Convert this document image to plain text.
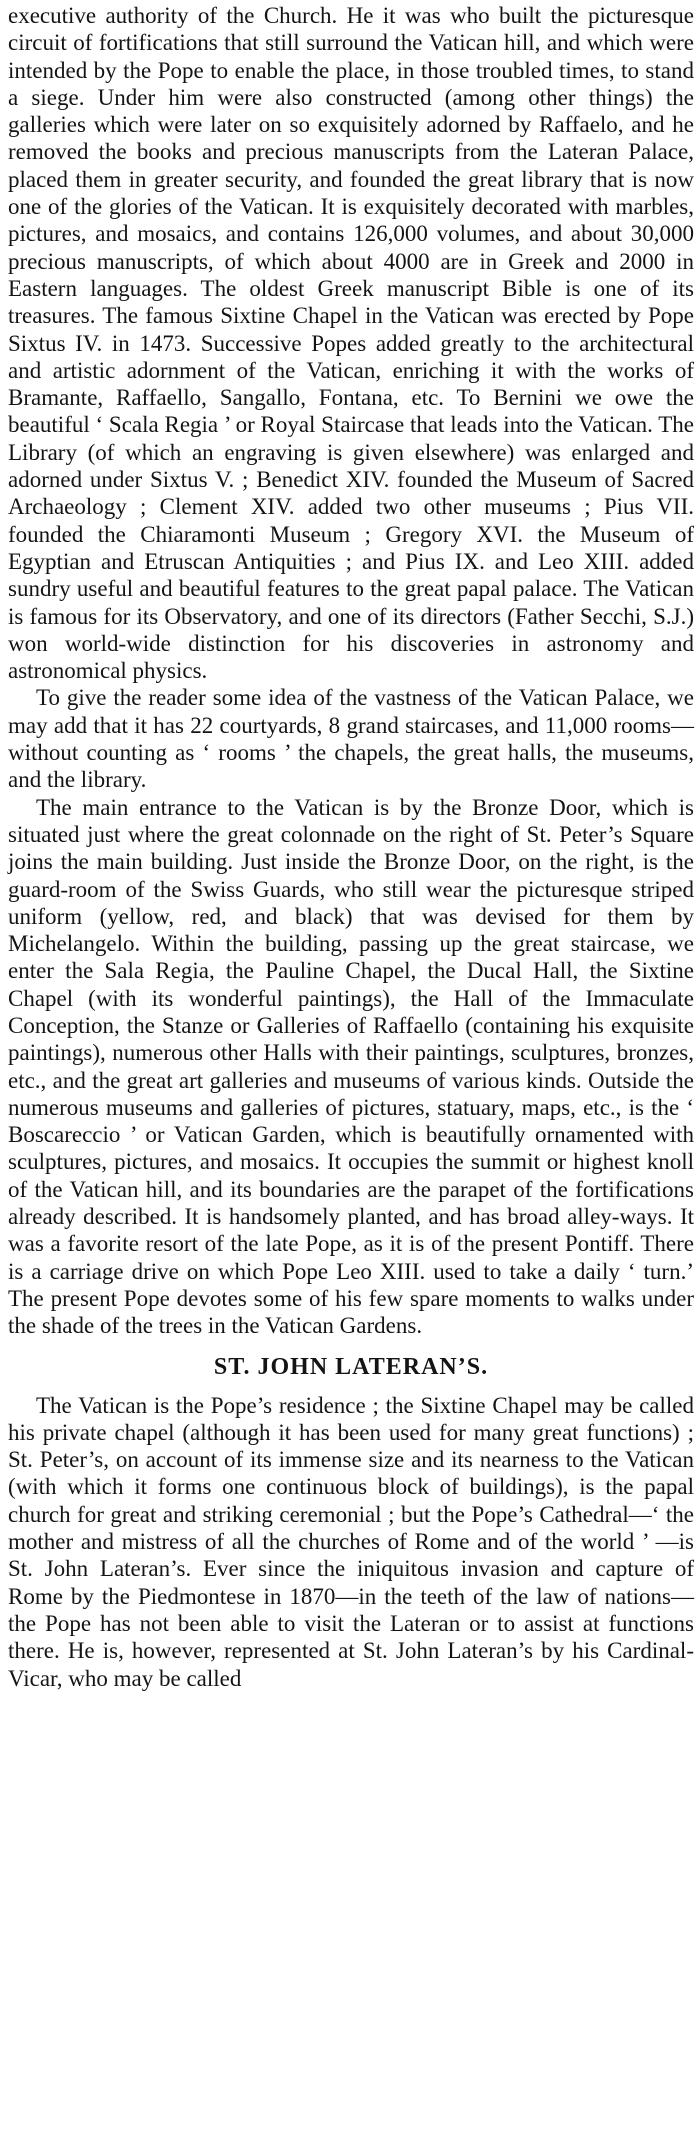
executive authority of the Church. He it was who built the picturesque circuit of fortifications that still surround the Vatican hill, and which were intended by the Pope to enable the place, in those troubled times, to stand a siege. Under him were also constructed (among other things) the galleries which were later on so exquisitely adorned by Raffaelo, and he removed the books and precious manuscripts from the Lateran Palace, placed them in greater security, and founded the great library that is now one of the glories of the Vatican. It is exquisitely decorated with marbles, pictures, and mosaics, and contains 126,000 volumes, and about 30,000 precious manuscripts, of which about 4000 are in Greek and 2000 in Eastern languages. The oldest Greek manuscript Bible is one of its treasures. The famous Sixtine Chapel in the Vatican was erected by Pope Sixtus IV. in 1473. Successive Popes added greatly to the architectural and artistic adornment of the Vatican, enriching it with the works of Bramante, Raffaello, Sangallo, Fontana, etc. To Bernini we owe the beautiful ‘ Scala Regia ’ or Royal Staircase that leads into the Vatican. The Library (of which an engraving is given elsewhere) was enlarged and adorned under Sixtus V. ; Benedict XIV. founded the Museum of Sacred Archaeology ; Clement XIV. added two other museums ; Pius VII. founded the Chiaramonti Museum ; Gregory XVI. the Museum of Egyptian and Etruscan Antiquities ; and Pius IX. and Leo XIII. added sundry useful and beautiful features to the great papal palace. The Vatican is famous for its Observatory, and one of its directors (Father Secchi, S.J.) won world-wide distinction for his discoveries in astronomy and astronomical physics.

To give the reader some idea of the vastness of the Vatican Palace, we may add that it has 22 courtyards, 8 grand staircases, and 11,000 rooms—without counting as ‘ rooms ’ the chapels, the great halls, the museums, and the library.

The main entrance to the Vatican is by the Bronze Door, which is situated just where the great colonnade on the right of St. Peter’s Square joins the main building. Just inside the Bronze Door, on the right, is the guard-room of the Swiss Guards, who still wear the picturesque striped uniform (yellow, red, and black) that was devised for them by Michelangelo. Within the building, passing up the great staircase, we enter the Sala Regia, the Pauline Chapel, the Ducal Hall, the Sixtine Chapel (with its wonderful paintings), the Hall of the Immaculate Conception, the Stanze or Galleries of Raffaello (containing his exquisite paintings), numerous other Halls with their paintings, sculptures, bronzes, etc., and the great art galleries and museums of various kinds. Outside the numerous museums and galleries of pictures, statuary, maps, etc., is the ‘ Boscareccio ’ or Vatican Garden, which is beautifully ornamented with sculptures, pictures, and mosaics. It occupies the summit or highest knoll of the Vatican hill, and its boundaries are the parapet of the fortifications already described. It is handsomely planted, and has broad alley-ways. It was a favorite resort of the late Pope, as it is of the present Pontiff. There is a carriage drive on which Pope Leo XIII. used to take a daily ‘ turn.’ The present Pope devotes some of his few spare moments to walks under the shade of the trees in the Vatican Gardens.

ST. JOHN LATERAN’S.

The Vatican is the Pope’s residence ; the Sixtine Chapel may be called his private chapel (although it has been used for many great functions) ; St. Peter’s, on account of its immense size and its nearness to the Vatican (with which it forms one continuous block of buildings), is the papal church for great and striking ceremonial ; but the Pope’s Cathedral—‘ the mother and mistress of all the churches of Rome and of the world ’ —is St. John Lateran’s. Ever since the iniquitous invasion and capture of Rome by the Piedmontese in 1870—in the teeth of the law of nations—the Pope has not been able to visit the Lateran or to assist at functions there. He is, however, represented at St. John Lateran’s by his Cardinal-Vicar, who may be called
